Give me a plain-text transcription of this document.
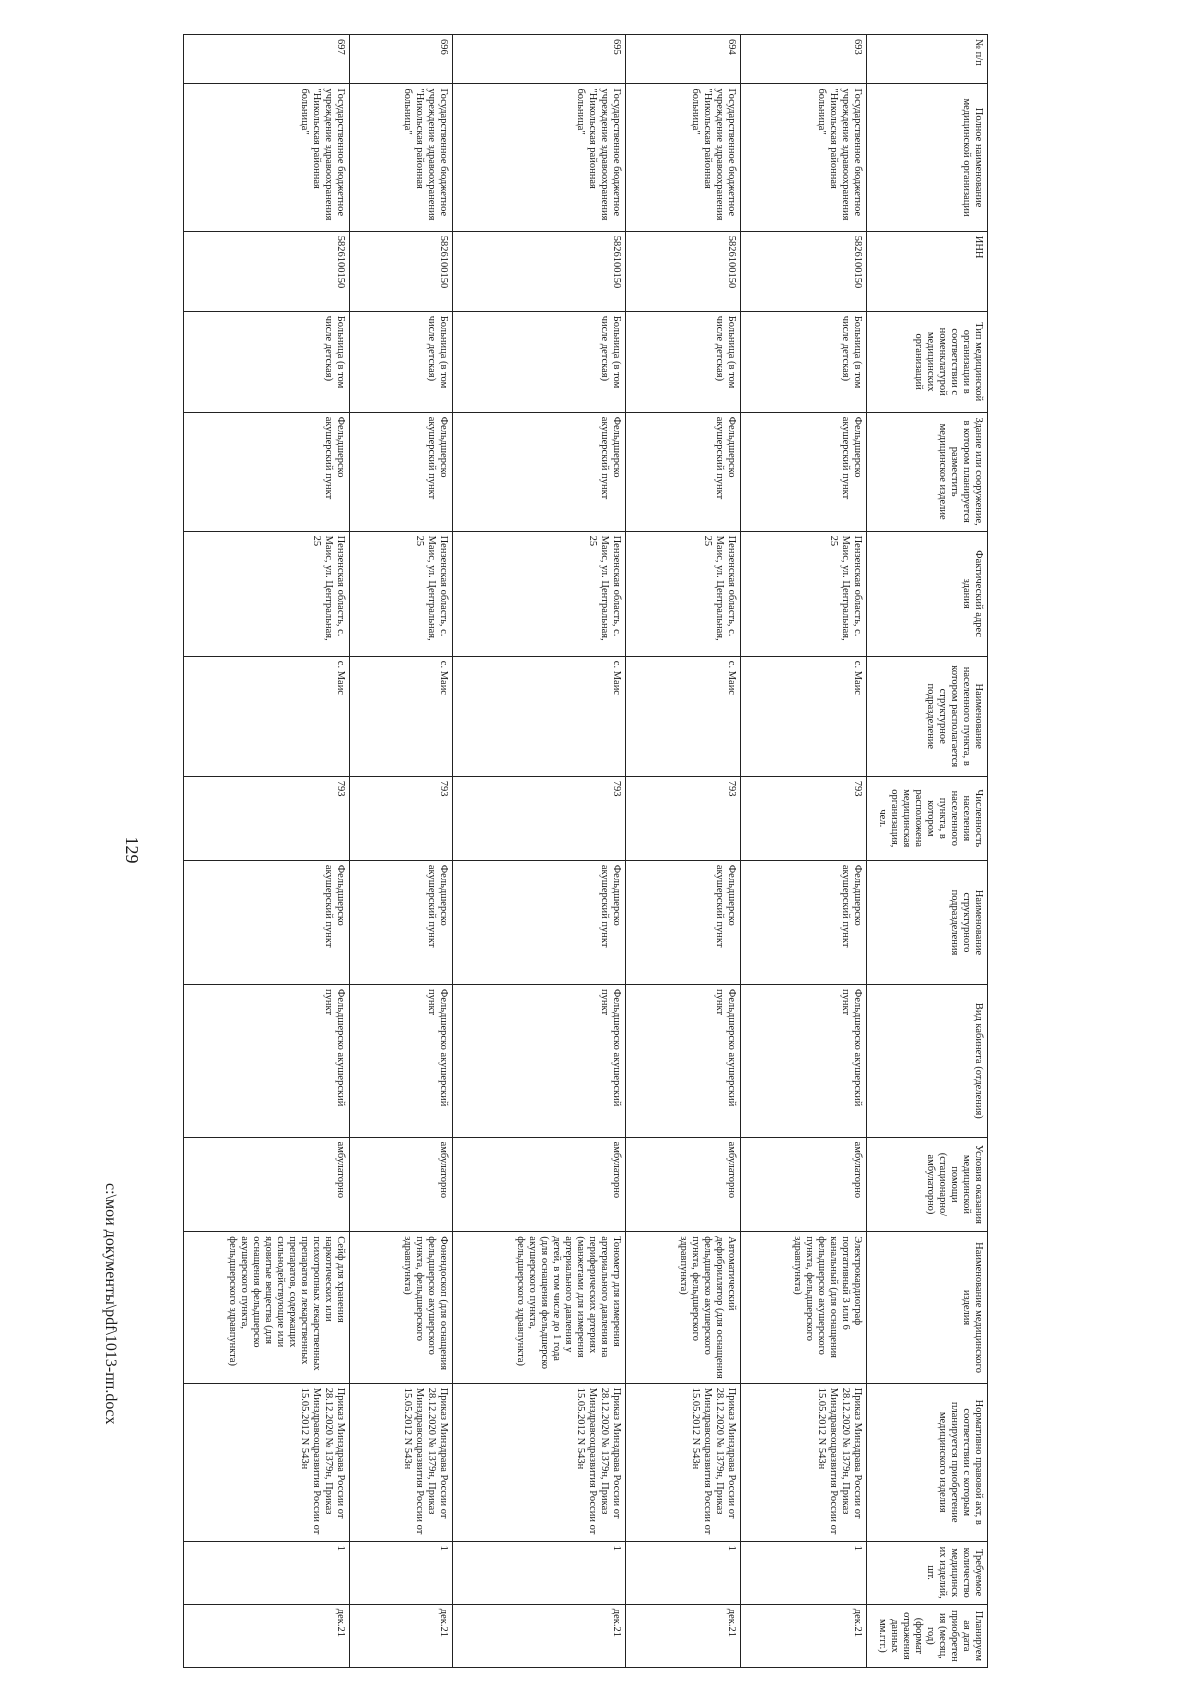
129
№ п/п	Полное наименование медицинской организации	ИНН	Тип медицинской организации в соответствии с номенклатурой медицинских организаций	Здание или сооружение, в котором планируется разместить медицинское изделие	Фактический адрес здания	Наименование населенного пункта, в котором располагается структурное подразделение	Численность населения населенного пункта, в котором расположена медицинская организация, чел.	Наименование структурного подразделения	Вид кабинета (отделения)	Условия оказания медицинской помощи (стационарно/ амбулаторно)	Наименование медицинского изделия	Нормативно правовой акт, в соответствии с которым планируется приобретение медицинского изделия	Требуемое количество медицинских изделий, шт.	Планируемая дата приобретения (месяц, год) (формат отражения данных мм.ггг.)
693	Государственное бюджетное учреждение здравоохранения "Никольская районная больница"	5826100150	Больница (в том числе детская)	Фельдшерско акушерский пункт	Пензенская область, с. Маис, ул. Центральная, 25	с. Маис	793	Фельдшерско акушерский пункт	Фельдшерско акушерский пункт	амбулаторно	Электрокардиограф портативный 3 или 6 канальный (для оснащения фельдшерско акушерского пункта, фельдшерского здравпункта)	Приказ Минздрава России от 28.12.2020 № 1379н, Приказ Минздравсоцразвития России от 15.05.2012 N 543н	1	дек.21
694	Государственное бюджетное учреждение здравоохранения "Никольская районная больница"	5826100150	Больница (в том числе детская)	Фельдшерско акушерский пункт	Пензенская область, с. Маис, ул. Центральная, 25	с. Маис	793	Фельдшерско акушерский пункт	Фельдшерско акушерский пункт	амбулаторно	Автоматический дефибриллятор (для оснащения фельдшерско акушерского пункта, фельдшерского здравпункта)	Приказ Минздрава России от 28.12.2020 № 1379н, Приказ Минздравсоцразвития России от 15.05.2012 N 543н	1	дек.21
695	Государственное бюджетное учреждение здравоохранения "Никольская районная больница"	5826100150	Больница (в том числе детская)	Фельдшерско акушерский пункт	Пензенская область, с. Маис, ул. Центральная, 25	с. Маис	793	Фельдшерско акушерский пункт	Фельдшерско акушерский пункт	амбулаторно	Тонометр для измерения артериального давления на периферических артериях (манжетами для измерения артериального давления у детей, в том числе до 1 года (для оснащения фельдшерско акушерского пункта, фельдшерского здравпункта)	Приказ Минздрава России от 28.12.2020 № 1379н, Приказ Минздравсоцразвития России от 15.05.2012 N 543н	1	дек.21
696	Государственное бюджетное учреждение здравоохранения "Никольская районная больница"	5826100150	Больница (в том числе детская)	Фельдшерско акушерский пункт	Пензенская область, с. Маис, ул. Центральная, 25	с. Маис	793	Фельдшерско акушерский пункт	Фельдшерско акушерский пункт	амбулаторно	Фонендоскоп (для оснащения фельдшерско акушерского пункта, фельдшерского здравпункта)	Приказ Минздрава России от 28.12.2020 № 1379н, Приказ Минздравсоцразвития России от 15.05.2012 N 543н	1	дек.21
697	Государственное бюджетное учреждение здравоохранения "Никольская районная больница"	5826100150	Больница (в том числе детская)	Фельдшерско акушерский пункт	Пензенская область, с. Маис, ул. Центральная, 25	с. Маис	793	Фельдшерско акушерский пункт	Фельдшерско акушерский пункт	амбулаторно	Сейф для хранения наркотических или психотропных лекарственных препаратов и лекарственных препаратов, содержащих сильнодействующие или ядовитые вещества (для оснащения фельдшерско акушерского пункта, фельдшерского здравпункта)	Приказ Минздрава России от 28.12.2020 № 1379н, Приказ Минздравсоцразвития России от 15.05.2012 N 543н	1	дек.21
c:\мои документы\pdf\1013-пп.docx
